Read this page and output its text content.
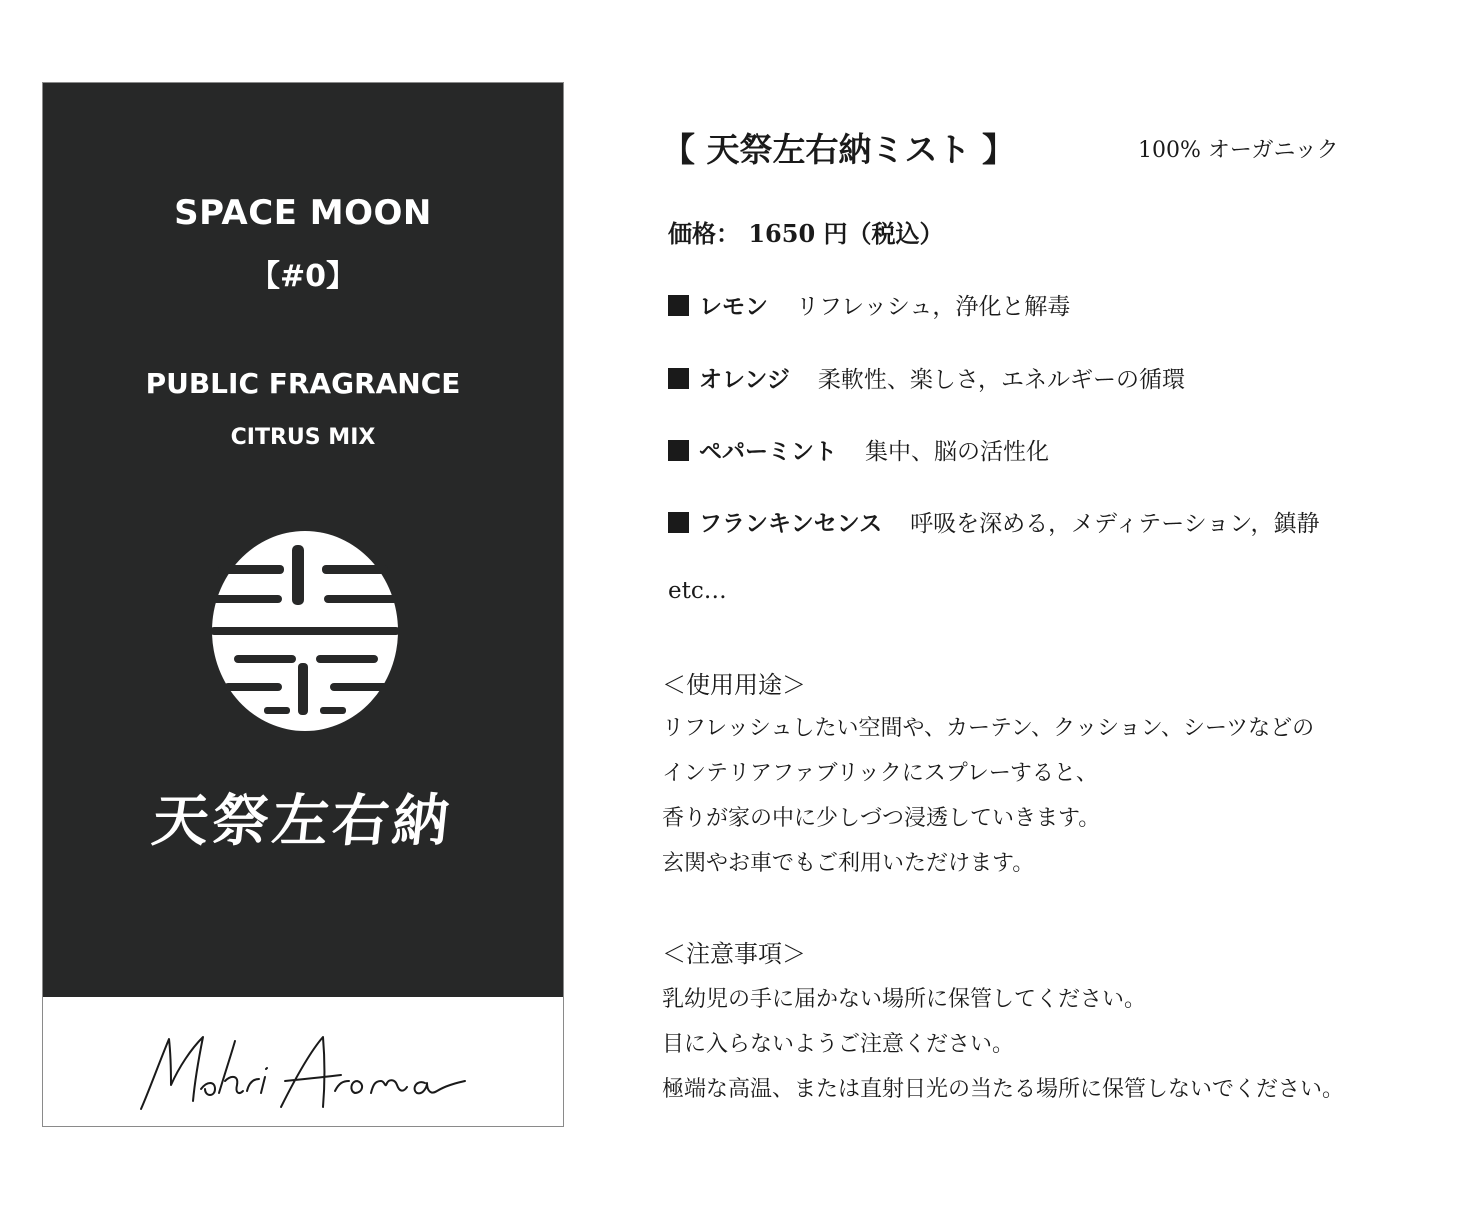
SPACE MOON

【#0】

PUBLIC FRAGRANCE

CITRUS MIX

天祭左右納
Mohri Aroma

【 天祭左右納ミスト 】	100% オーガニック

価格： 1650 円（税込）

レモン リフレッシュ，浄化と解毒

オレンジ 柔軟性、楽しさ，エネルギーの循環

ペパーミント 集中、脳の活性化

フランキンセンス 呼吸を深める，メディテーション，鎮静

etc…

＜使用用途＞

リフレッシュしたい空間や、カーテン、クッション、シーツなどの

インテリアファブリックにスプレーすると、

香りが家の中に少しづつ浸透していきます。

玄関やお車でもご利用いただけます。

＜注意事項＞

乳幼児の手に届かない場所に保管してください。

目に入らないようご注意ください。

極端な高温、または直射日光の当たる場所に保管しないでください。
